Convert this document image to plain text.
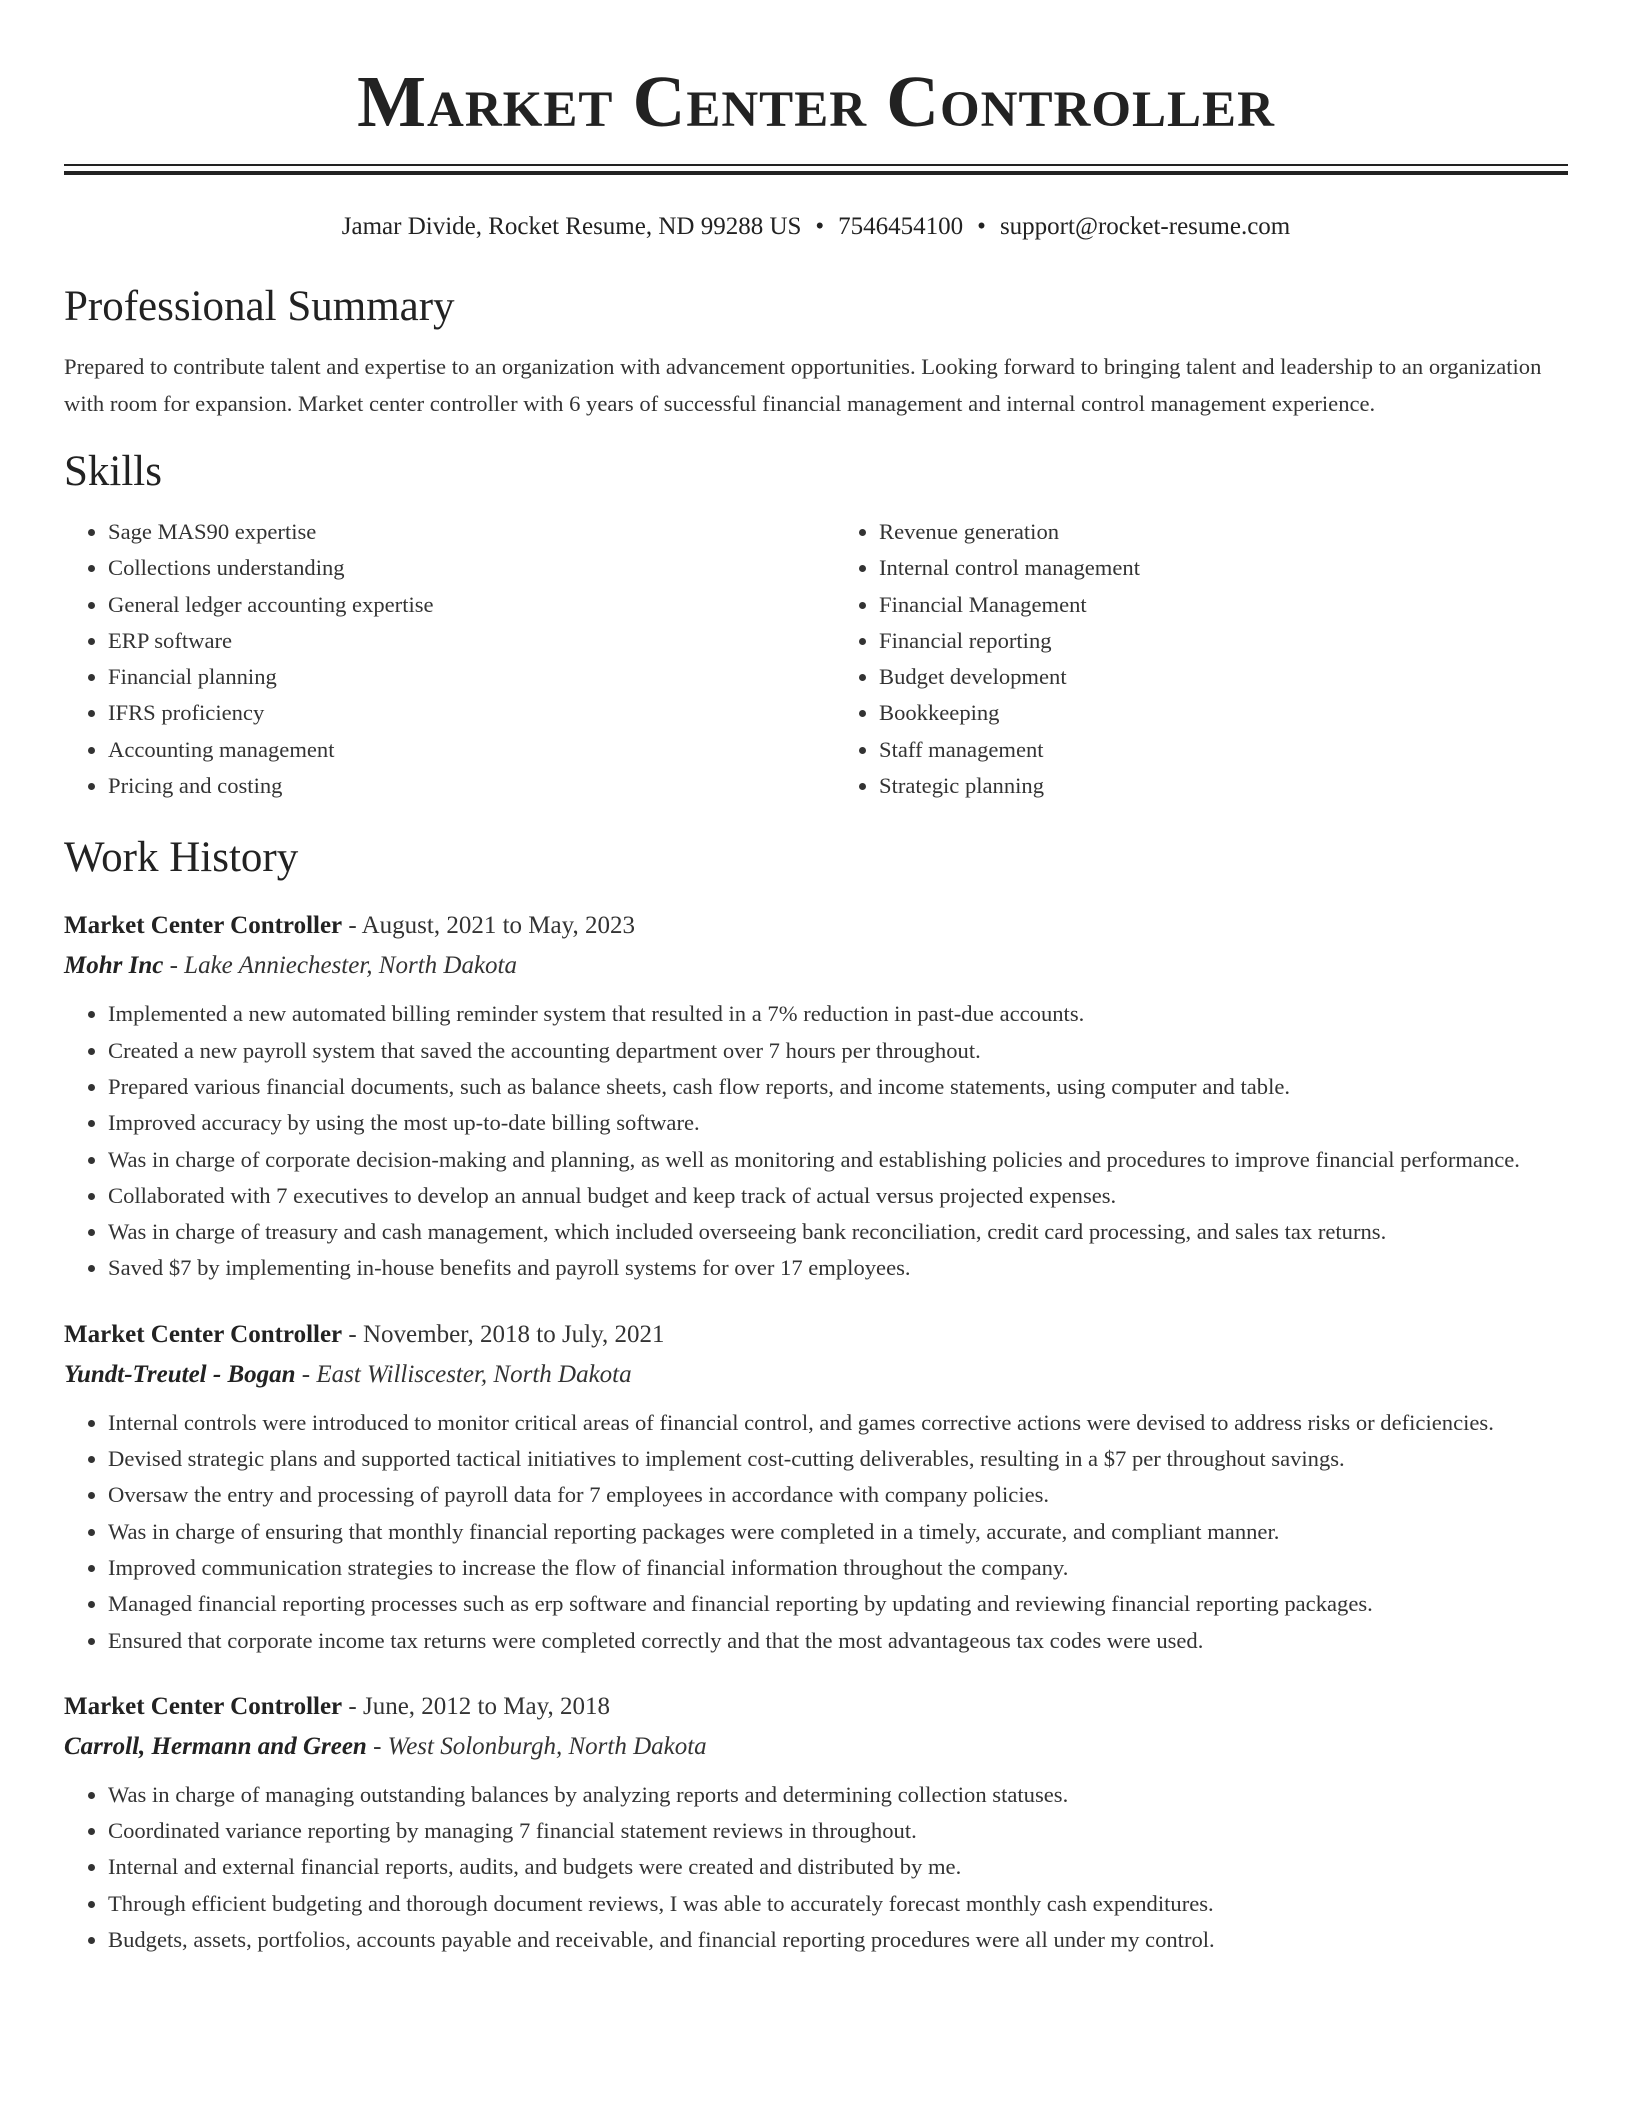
Market Center Controller
Jamar Divide, Rocket Resume, ND 99288 US • 7546454100 • support@rocket-resume.com
Professional Summary

Prepared to contribute talent and expertise to an organization with advancement opportunities. Looking forward to bringing talent and leadership to an organization with room for expansion. Market center controller with 6 years of successful financial management and internal control management experience.

Skills
• Sage MAS90 expertise
• Collections understanding
• General ledger accounting expertise
• ERP software
• Financial planning
• IFRS proficiency
• Accounting management
• Pricing and costing
• Revenue generation
• Internal control management
• Financial Management
• Financial reporting
• Budget development
• Bookkeeping
• Staff management
• Strategic planning
Work History
Market Center Controller - August, 2021 to May, 2023
Mohr Inc - Lake Anniechester, North Dakota
• Implemented a new automated billing reminder system that resulted in a 7% reduction in past-due accounts.
• Created a new payroll system that saved the accounting department over 7 hours per throughout.
• Prepared various financial documents, such as balance sheets, cash flow reports, and income statements, using computer and table.
• Improved accuracy by using the most up-to-date billing software.
• Was in charge of corporate decision-making and planning, as well as monitoring and establishing policies and procedures to improve financial performance.
• Collaborated with 7 executives to develop an annual budget and keep track of actual versus projected expenses.
• Was in charge of treasury and cash management, which included overseeing bank reconciliation, credit card processing, and sales tax returns.
• Saved $7 by implementing in-house benefits and payroll systems for over 17 employees.
Market Center Controller - November, 2018 to July, 2021
Yundt-Treutel - Bogan - East Williscester, North Dakota
• Internal controls were introduced to monitor critical areas of financial control, and games corrective actions were devised to address risks or deficiencies.
• Devised strategic plans and supported tactical initiatives to implement cost-cutting deliverables, resulting in a $7 per throughout savings.
• Oversaw the entry and processing of payroll data for 7 employees in accordance with company policies.
• Was in charge of ensuring that monthly financial reporting packages were completed in a timely, accurate, and compliant manner.
• Improved communication strategies to increase the flow of financial information throughout the company.
• Managed financial reporting processes such as erp software and financial reporting by updating and reviewing financial reporting packages.
• Ensured that corporate income tax returns were completed correctly and that the most advantageous tax codes were used.
Market Center Controller - June, 2012 to May, 2018
Carroll, Hermann and Green - West Solonburgh, North Dakota
• Was in charge of managing outstanding balances by analyzing reports and determining collection statuses.
• Coordinated variance reporting by managing 7 financial statement reviews in throughout.
• Internal and external financial reports, audits, and budgets were created and distributed by me.
• Through efficient budgeting and thorough document reviews, I was able to accurately forecast monthly cash expenditures.
• Budgets, assets, portfolios, accounts payable and receivable, and financial reporting procedures were all under my control.
